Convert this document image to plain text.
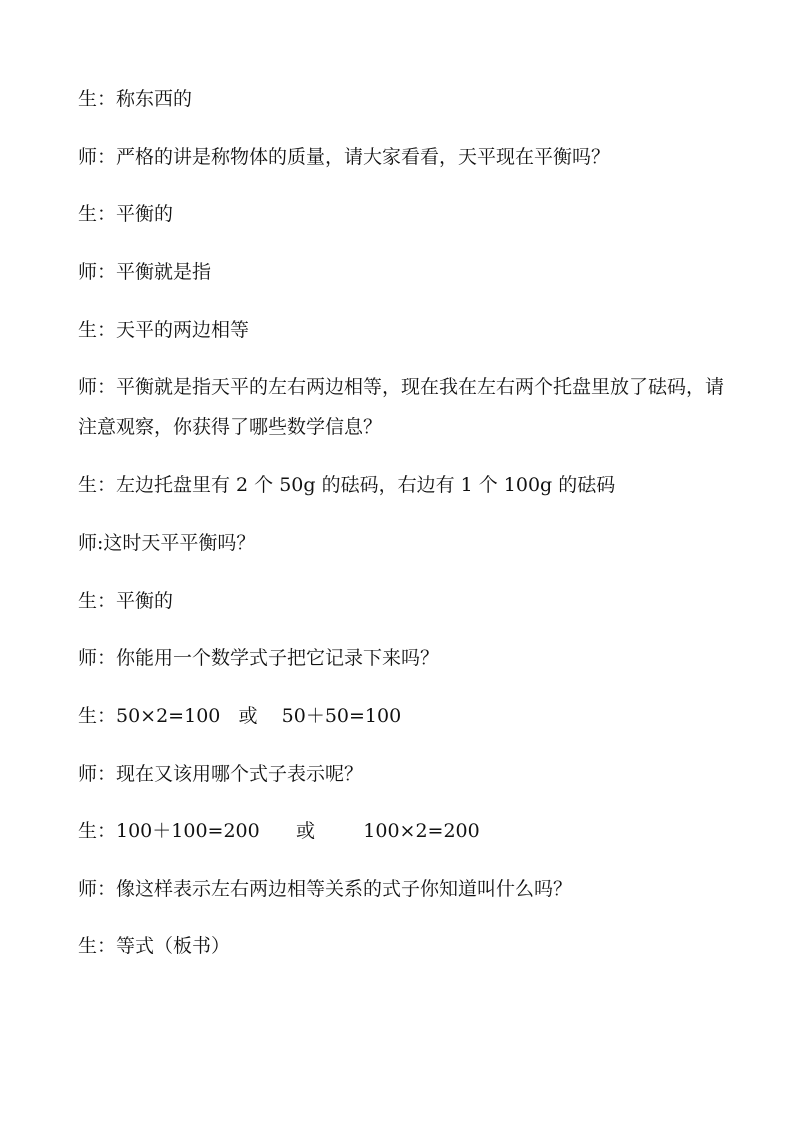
生：称东西的
师：严格的讲是称物体的质量，请大家看看，天平现在平衡吗？
生：平衡的
师：平衡就是指
生：天平的两边相等
师：平衡就是指天平的左右两边相等，现在我在左右两个托盘里放了砝码，请注意观察，你获得了哪些数学信息？
生：左边托盘里有 2 个 50g 的砝码，右边有 1 个 100g 的砝码
师:这时天平平衡吗？
生：平衡的
师：你能用一个数学式子把它记录下来吗？
生：50×2=100   或    50＋50=100
师：现在又该用哪个式子表示呢？
生：100＋100=200      或        100×2=200
师：像这样表示左右两边相等关系的式子你知道叫什么吗？
生：等式（板书）
